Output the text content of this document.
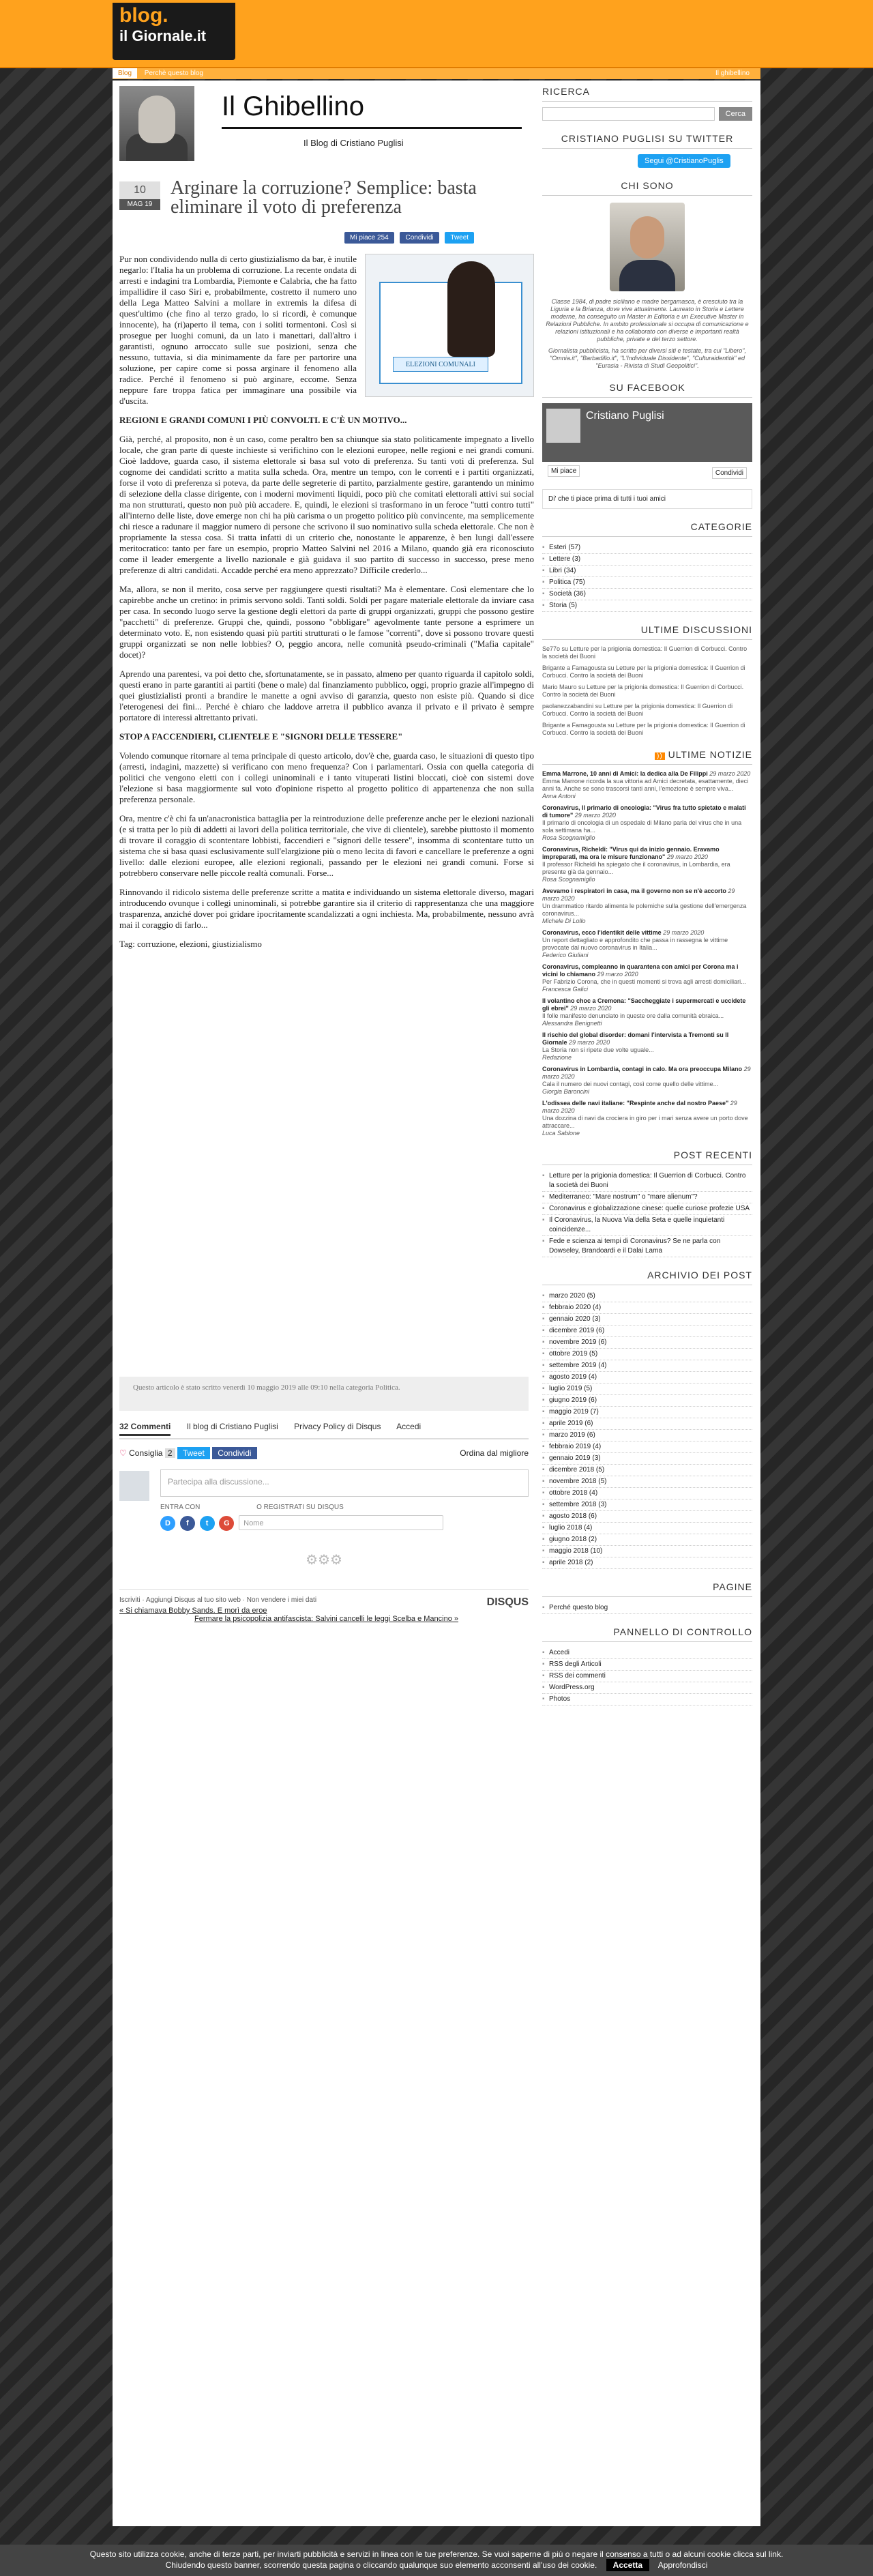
blog.
il Giornale.it
Blog Perchè questo blog	Il ghibellino
Il Ghibellino
Il Blog di Cristiano Puglisi
10
MAG 19
Arginare la corruzione? Semplice: basta eliminare il voto di preferenza
Mi piace 254 Condividi Tweet
ELEZIONI COMUNALI

Pur non condividendo nulla di certo giustizialismo da bar, è inutile negarlo: l'Italia ha un problema di corruzione. La recente ondata di arresti e indagini tra Lombardia, Piemonte e Calabria, che ha fatto impallidire il caso Siri e, probabilmente, costretto il numero uno della Lega Matteo Salvini a mollare in extremis la difesa di quest'ultimo (che fino al terzo grado, lo si ricordi, è comunque innocente), ha (ri)aperto il tema, con i soliti tormentoni. Così si prosegue per luoghi comuni, da un lato i manettari, dall'altro i garantisti, ognuno arroccato sulle sue posizioni, senza che nessuno, tuttavia, si dia minimamente da fare per partorire una soluzione, per capire come si possa arginare il fenomeno alla radice. Perché il fenomeno si può arginare, eccome. Senza neppure fare troppa fatica per immaginare una possibile via d'uscita.

REGIONI E GRANDI COMUNI I PIÙ CONVOLTI. E C'È UN MOTIVO...

Già, perché, al proposito, non è un caso, come peraltro ben sa chiunque sia stato politicamente impegnato a livello locale, che gran parte di queste inchieste si verifichino con le elezioni europee, nelle regioni e nei grandi comuni. Cioè laddove, guarda caso, il sistema elettorale si basa sul voto di preferenza. Su tanti voti di preferenza. Sul cognome dei candidati scritto a matita sulla scheda. Ora, mentre un tempo, con le correnti e i partiti organizzati, forse il voto di preferenza si poteva, da parte delle segreterie di partito, parzialmente gestire, garantendo un minimo di selezione della classe dirigente, con i moderni movimenti liquidi, poco più che comitati elettorali attivi sui social ma non strutturati, questo non può più accadere. E, quindi, le elezioni si trasformano in un feroce "tutti contro tutti" all'interno delle liste, dove emerge non chi ha più carisma o un progetto politico più convincente, ma semplicemente chi riesce a radunare il maggior numero di persone che scrivono il suo nominativo sulla scheda elettorale. Che non è propriamente la stessa cosa. Si tratta infatti di un criterio che, nonostante le apparenze, è ben lungi dall'essere meritocratico: tanto per fare un esempio, proprio Matteo Salvini nel 2016 a Milano, quando già era riconosciuto come il leader emergente a livello nazionale e già guidava il suo partito di successo in successo, prese meno preferenze di altri candidati. Accadde perché era meno apprezzato? Difficile crederlo...

Ma, allora, se non il merito, cosa serve per raggiungere questi risultati? Ma è elementare. Così elementare che lo capirebbe anche un cretino: in primis servono soldi. Tanti soldi. Soldi per pagare materiale elettorale da inviare casa per casa. In secondo luogo serve la gestione degli elettori da parte di gruppi organizzati, gruppi che possono gestire "pacchetti" di preferenze. Gruppi che, quindi, possono "obbligare" agevolmente tante persone a esprimere un determinato voto. E, non esistendo quasi più partiti strutturati o le famose "correnti", dove si possono trovare questi gruppi organizzati se non nelle lobbies? O, peggio ancora, nelle comunità pseudo-criminali ("Mafia capitale" docet)?

Aprendo una parentesi, va poi detto che, sfortunatamente, se in passato, almeno per quanto riguarda il capitolo soldi, questi erano in parte garantiti ai partiti (bene o male) dal finanziamento pubblico, oggi, proprio grazie all'impegno di quei giustizialisti pronti a brandire le manette a ogni avviso di garanzia, questo non esiste più. Quando si dice l'eterogenesi dei fini... Perché è chiaro che laddove arretra il pubblico avanza il privato e il privato è sempre portatore di interessi altrettanto privati.

STOP A FACCENDIERI, CLIENTELE E "SIGNORI DELLE TESSERE"

Volendo comunque ritornare al tema principale di questo articolo, dov'è che, guarda caso, le situazioni di questo tipo (arresti, indagini, mazzette) si verificano con meno frequenza? Con i parlamentari. Ossia con quella categoria di politici che vengono eletti con i collegi uninominali e i tanto vituperati listini bloccati, cioè con sistemi dove l'elezione si basa maggiormente sul voto d'opinione rispetto al progetto politico di appartenenza che non sulla preferenza personale.

Ora, mentre c'è chi fa un'anacronistica battaglia per la reintroduzione delle preferenze anche per le elezioni nazionali (e si tratta per lo più di addetti ai lavori della politica territoriale, che vive di clientele), sarebbe piuttosto il momento di trovare il coraggio di scontentare lobbisti, faccendieri e "signori delle tessere", insomma di scontentare tutto un sistema che si basa quasi esclusivamente sull'elargizione più o meno lecita di favori e cancellare le preferenze a ogni livello: dalle elezioni europee, alle elezioni regionali, passando per le elezioni nei grandi comuni. Forse si potrebbero conservare nelle piccole realtà comunali. Forse...

Rinnovando il ridicolo sistema delle preferenze scritte a matita e individuando un sistema elettorale diverso, magari introducendo ovunque i collegi uninominali, si potrebbe garantire sia il criterio di rappresentanza che una maggiore trasparenza, anziché dover poi gridare ipocritamente scandalizzati a ogni inchiesta. Ma, probabilmente, nessuno avrà mai il coraggio di farlo...

Tag: corruzione, elezioni, giustizialismo
Questo articolo è stato scritto venerdì 10 maggio 2019 alle 09:10 nella categoria Politica.
32 Commenti Il blog di Cristiano Puglisi Privacy Policy di Disqus Accedi
♡ Consiglia 2 Tweet Condividi	Ordina dal migliore
Partecipa alla discussione...
ENTRA CON	O REGISTRATI SU DISQUS
D f t G Nome
⚙⚙⚙
Iscriviti · Aggiungi Disqus al tuo sito web · Non vendere i miei dati	DISQUS
« Si chiamava Bobby Sands. E morì da eroe
Fermare la psicopolizia antifascista: Salvini cancelli le leggi Scelba e Mancino »
RICERCA
Cerca
CRISTIANO PUGLISI SU TWITTER
Segui @CristianoPuglis
CHI SONO

Classe 1984, di padre siciliano e madre bergamasca, è cresciuto tra la Liguria e la Brianza, dove vive attualmente. Laureato in Storia e Lettere moderne, ha conseguito un Master in Editoria e un Executive Master in Relazioni Pubbliche. In ambito professionale si occupa di comunicazione e relazioni istituzionali e ha collaborato con diverse e importanti realtà pubbliche, private e del terzo settore.

Giornalista pubblicista, ha scritto per diversi siti e testate, tra cui "Libero", "Omnia.it", "Barbadillo.it", "L'Individuale Dissidente", "Culturaidentità" ed "Eurasia - Rivista di Studi Geopolitici".

SU FACEBOOK
Cristiano Puglisi
Mi piace	Condividi
Di' che ti piace prima di tutti i tuoi amici
CATEGORIE
▪ Esteri (57)
▪ Lettere (3)
▪ Libri (34)
▪ Politica (75)
▪ Società (36)
▪ Storia (5)
ULTIME DISCUSSIONI
Se77o su Letture per la prigionia domestica: Il Guerrion di Corbucci. Contro la società dei Buoni
Brigante a Famagousta su Letture per la prigionia domestica: Il Guerrion di Corbucci. Contro la società dei Buoni
Mario Mauro su Letture per la prigionia domestica: Il Guerrion di Corbucci. Contro la società dei Buoni
paolanezzabandini su Letture per la prigionia domestica: Il Guerrion di Corbucci. Contro la società dei Buoni
Brigante a Famagousta su Letture per la prigionia domestica: Il Guerrion di Corbucci. Contro la società dei Buoni
)) ULTIME NOTIZIE
Emma Marrone, 10 anni di Amici: la dedica alla De Filippi 29 marzo 2020
Emma Marrone ricorda la sua vittoria ad Amici decretata, esattamente, dieci anni fa. Anche se sono trascorsi tanti anni, l'emozione è sempre viva...
Anna Antoni
Coronavirus, Il primario di oncologia: "Virus fra tutto spietato e malati di tumore" 29 marzo 2020
Il primario di oncologia di un ospedale di Milano parla del virus che in una sola settimana ha...
Rosa Scognamiglio
Coronavirus, Richeldi: "Virus qui da inizio gennaio. Eravamo impreparati, ma ora le misure funzionano" 29 marzo 2020
Il professor Richeldi ha spiegato che il coronavirus, in Lombardia, era presente già da gennaio...
Rosa Scognamiglio
Avevamo i respiratori in casa, ma il governo non se n'è accorto 29 marzo 2020
Un drammatico ritardo alimenta le polemiche sulla gestione dell'emergenza coronavirus...
Michele Di Lollo
Coronavirus, ecco l'identikit delle vittime 29 marzo 2020
Un report dettagliato e approfondito che passa in rassegna le vittime provocate dal nuovo coronavirus in Italia...
Federico Giuliani
Coronavirus, compleanno in quarantena con amici per Corona ma i vicini lo chiamano 29 marzo 2020
Per Fabrizio Corona, che in questi momenti si trova agli arresti domiciliari...
Francesca Galici
Il volantino choc a Cremona: "Saccheggiate i supermercati e uccidete gli ebrei" 29 marzo 2020
Il folle manifesto denunciato in queste ore dalla comunità ebraica...
Alessandra Benignetti
Il rischio del global disorder: domani l'intervista a Tremonti su Il Giornale 29 marzo 2020
La Storia non si ripete due volte uguale...
Redazione
Coronavirus in Lombardia, contagi in calo. Ma ora preoccupa Milano 29 marzo 2020
Cala il numero dei nuovi contagi, così come quello delle vittime...
Giorgia Baroncini
L'odissea delle navi italiane: "Respinte anche dal nostro Paese" 29 marzo 2020
Una dozzina di navi da crociera in giro per i mari senza avere un porto dove attraccare...
Luca Sablone
POST RECENTI
▪ Letture per la prigionia domestica: Il Guerrion di Corbucci. Contro la società dei Buoni
▪ Mediterraneo: "Mare nostrum" o "mare alienum"?
▪ Coronavirus e globalizzazione cinese: quelle curiose profezie USA
▪ Il Coronavirus, la Nuova Via della Seta e quelle inquietanti coincidenze...
▪ Fede e scienza ai tempi di Coronavirus? Se ne parla con Dowseley, Brandoardi e il Dalai Lama
ARCHIVIO DEI POST
▪ marzo 2020 (5)
▪ febbraio 2020 (4)
▪ gennaio 2020 (3)
▪ dicembre 2019 (6)
▪ novembre 2019 (6)
▪ ottobre 2019 (5)
▪ settembre 2019 (4)
▪ agosto 2019 (4)
▪ luglio 2019 (5)
▪ giugno 2019 (6)
▪ maggio 2019 (7)
▪ aprile 2019 (6)
▪ marzo 2019 (6)
▪ febbraio 2019 (4)
▪ gennaio 2019 (3)
▪ dicembre 2018 (5)
▪ novembre 2018 (5)
▪ ottobre 2018 (4)
▪ settembre 2018 (3)
▪ agosto 2018 (6)
▪ luglio 2018 (4)
▪ giugno 2018 (2)
▪ maggio 2018 (10)
▪ aprile 2018 (2)
PAGINE
▪ Perché questo blog
PANNELLO DI CONTROLLO
▪ Accedi
▪ RSS degli Articoli
▪ RSS dei commenti
▪ WordPress.org
▪ Photos
Questo sito utilizza cookie, anche di terze parti, per inviarti pubblicità e servizi in linea con le tue preferenze. Se vuoi saperne di più o negare il consenso a tutti o ad alcuni cookie clicca sul link.
Chiudendo questo banner, scorrendo questa pagina o cliccando qualunque suo elemento acconsenti all'uso dei cookie. Accetta Approfondisci
